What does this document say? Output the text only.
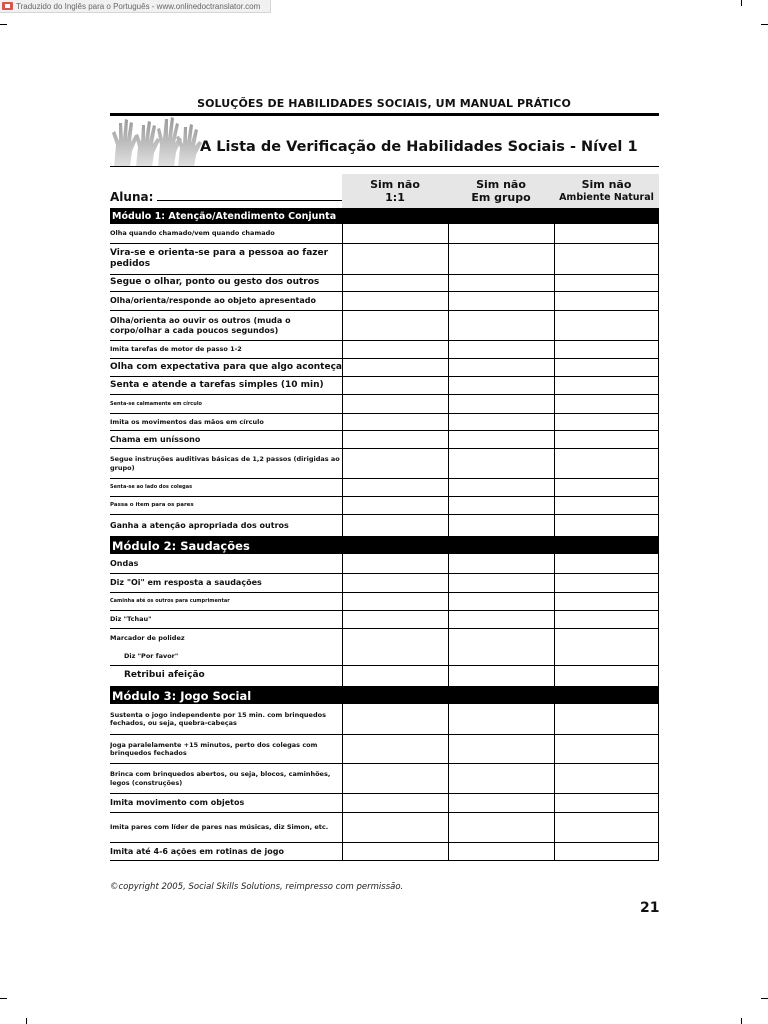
Traduzido do Inglês para o Português - www.onlinedoctranslator.com
SOLUÇÕES DE HABILIDADES SOCIAIS, UM MANUAL PRÁTICO
A Lista de Verificação de Habilidades Sociais - Nível 1
Aluna:
Sim não
1:1
Sim não
Em grupo
Sim não
Ambiente Natural
Módulo 1: Atenção/Atendimento Conjunta
Olha quando chamado/vem quando chamado
Vira-se e orienta-se para a pessoa ao fazer pedidos
Segue o olhar, ponto ou gesto dos outros
Olha/orienta/responde ao objeto apresentado
Olha/orienta ao ouvir os outros (muda o corpo/olhar a cada poucos segundos)
Imita tarefas de motor de passo 1-2
Olha com expectativa para que algo aconteça
Senta e atende a tarefas simples (10 min)
Senta-se calmamente em círculo
Imita os movimentos das mãos em círculo
Chama em uníssono
Segue instruções auditivas básicas de 1,2 passos (dirigidas ao grupo)
Senta-se ao lado dos colegas
Passa o item para os pares
Ganha a atenção apropriada dos outros
Módulo 2: Saudações
Ondas
Diz "Oi" em resposta a saudações
Caminha até os outros para cumprimentar
Diz "Tchau"
Marcador de polidez
Diz "Por favor"
Retribui afeição
Módulo 3: Jogo Social
Sustenta o jogo independente por 15 min. com brinquedos fechados, ou seja, quebra-cabeças
Joga paralelamente +15 minutos, perto dos colegas com brinquedos fechados
Brinca com brinquedos abertos, ou seja, blocos, caminhões, legos (construções)
Imita movimento com objetos
Imita pares com líder de pares nas músicas, diz Simon, etc.
Imita até 4-6 ações em rotinas de jogo
©copyright 2005, Social Skills Solutions, reimpresso com permissão.
21
